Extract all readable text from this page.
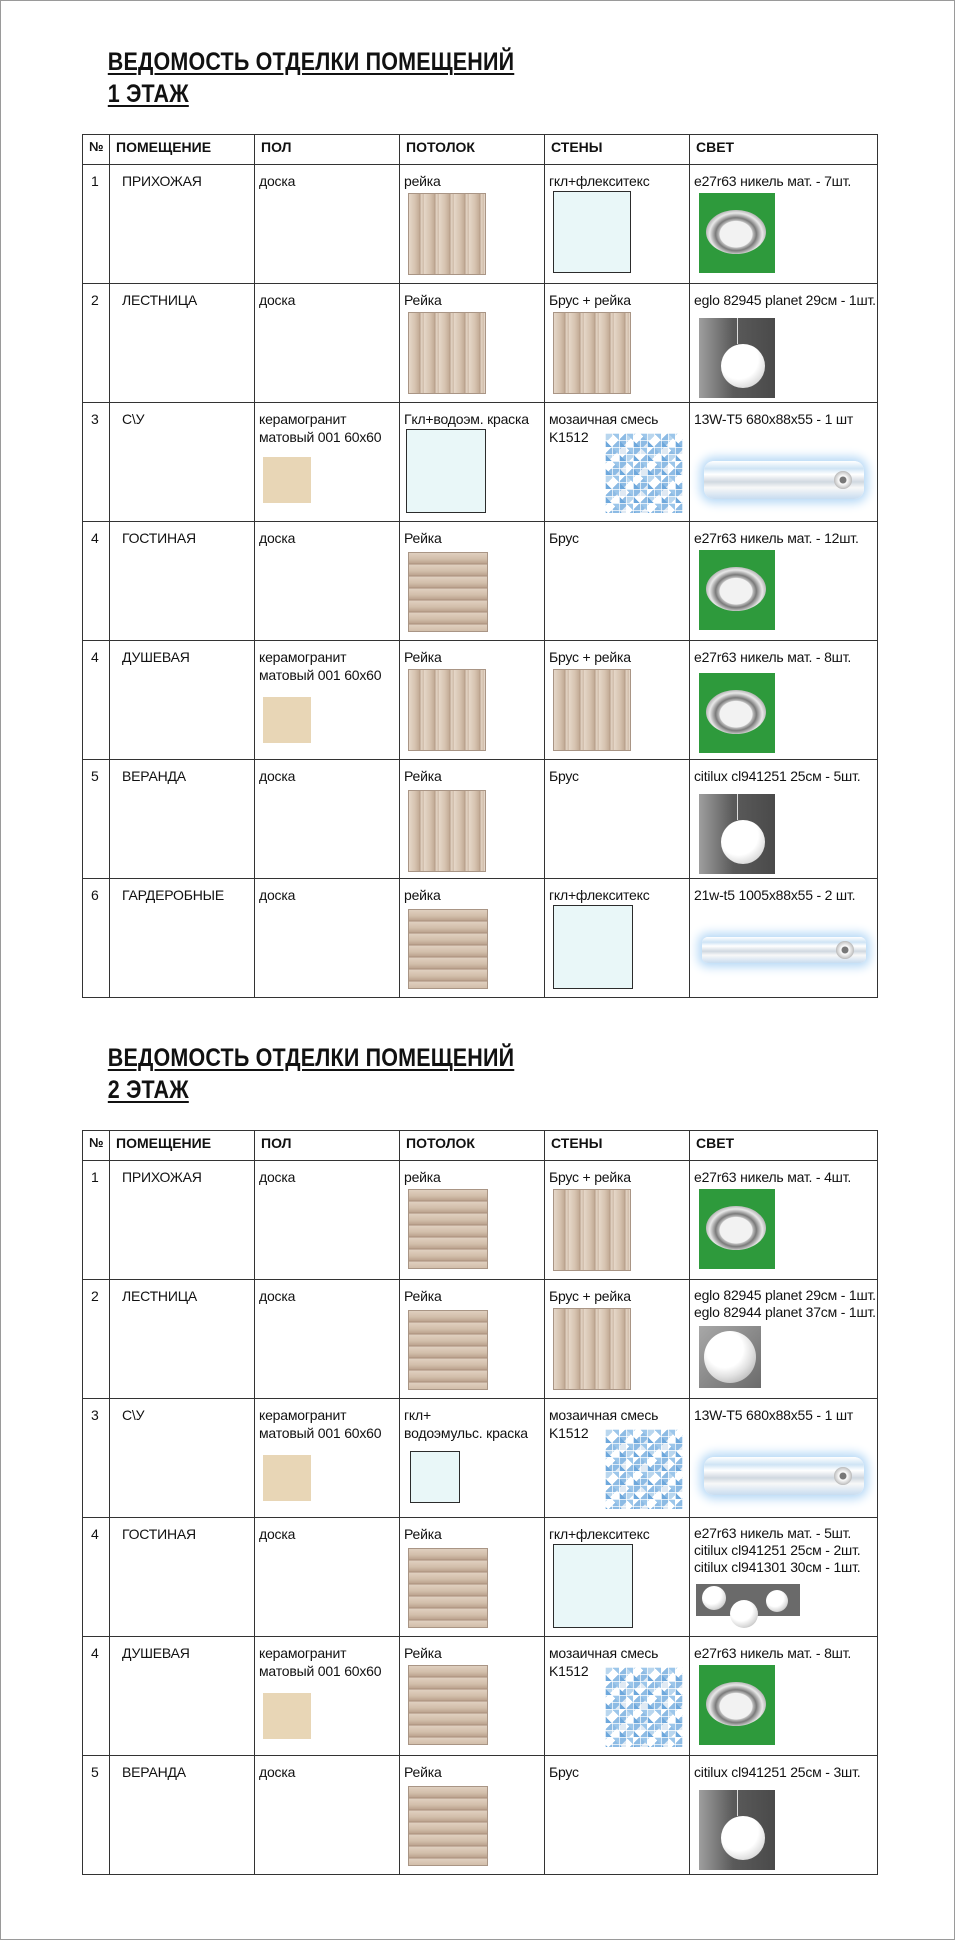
ВЕДОМОСТЬ ОТДЕЛКИ ПОМЕЩЕНИЙ
1 ЭТАЖ
№	ПОМЕЩЕНИЕ	ПОЛ	ПОТОЛОК	СТЕНЫ	СВЕТ

1	ПРИХОЖАЯ	доска	рейка	гкл+флекситекс	e27r63 никель мат. - 7шт.

2	ЛЕСТНИЦА	доска	Рейка	Брус + рейка	eglo 82945 planet 29см - 1шт.

3	С\У	керамогранит
матовый 001 60х60	Гкл+водоэм. краска	мозаичная смесь
K1512	13W-T5 680x88x55 - 1 шт

4	ГОСТИНАЯ	доска	Рейка	Брус	e27r63 никель мат. - 12шт.

4	ДУШЕВАЯ	керамогранит
матовый 001 60х60	Рейка	Брус + рейка	e27r63 никель мат. - 8шт.

5	ВЕРАНДА	доска	Рейка	Брус	citilux cl941251 25см - 5шт.

6	ГАРДЕРОБНЫЕ	доска	рейка	гкл+флекситекс	21w-t5 1005x88x55 - 2 шт.
ВЕДОМОСТЬ ОТДЕЛКИ ПОМЕЩЕНИЙ
2 ЭТАЖ
№	ПОМЕЩЕНИЕ	ПОЛ	ПОТОЛОК	СТЕНЫ	СВЕТ

1	ПРИХОЖАЯ	доска	рейка	Брус + рейка	e27r63 никель мат. - 4шт.

2	ЛЕСТНИЦА	доска	Рейка	Брус + рейка	eglo 82945 planet 29см - 1шт.
eglo 82944 planet 37см - 1шт.

3	С\У	керамогранит
матовый 001 60х60	гкл+
водоэмульс. краска	мозаичная смесь
K1512	13W-T5 680x88x55 - 1 шт

4	ГОСТИНАЯ	доска	Рейка	гкл+флекситекс	e27r63 никель мат. - 5шт.
citilux cl941251 25см - 2шт.
citilux cl941301 30см - 1шт.

4	ДУШЕВАЯ	керамогранит
матовый 001 60х60	Рейка	мозаичная смесь
K1512	e27r63 никель мат. - 8шт.

5	ВЕРАНДА	доска	Рейка	Брус	citilux cl941251 25см - 3шт.
